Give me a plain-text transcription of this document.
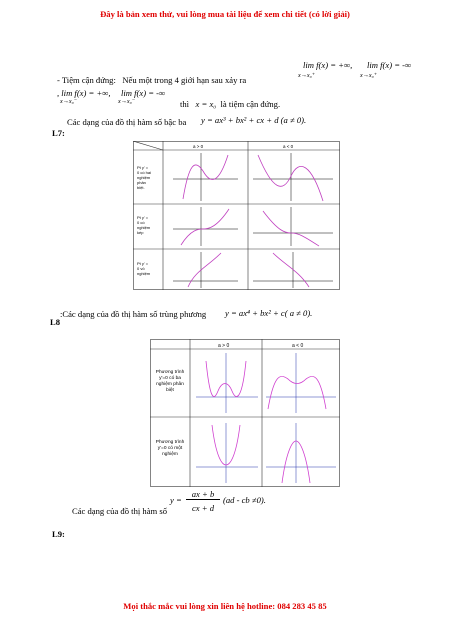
Đây là bản xem thử, vui lòng mua tài liệu để xem chi tiết (có lời giải)
lim f(x) = +∞,
x→x₀⁺
lim f(x) = -∞
x→x₀⁺
- Tiệm cận đứng: Nếu một trong 4 giới hạn sau xảy ra
, lim f(x) = +∞,
x→x₀⁻
lim f(x) = -∞
x→x₀⁻	thì x = x₀ là tiệm cận đứng.
Các dạng của đồ thị hàm số bậc ba y = ax³ + bx² + cx + d (a ≠ 0).
L7:
a > 0	a < 0
Pt y' = 0 có hai nghiệm phân biệt.
Pt y' = 0 có nghiệm kép
Pt y' = 0 vô nghiệm
:Các dạng của đồ thị hàm số trùng phương y = ax⁴ + bx² + c( a ≠ 0).
L8
a > 0	a < 0
Phương trình y'=0 có ba nghiệm phân biệt
Phương trình y'=0 có một nghiệm
y =
ax + b
cx + d
(ad - cb ≠0).
Các dạng của đồ thị hàm số
L9:
Mọi thắc mắc vui lòng xin liên hệ hotline: 084 283 45 85
